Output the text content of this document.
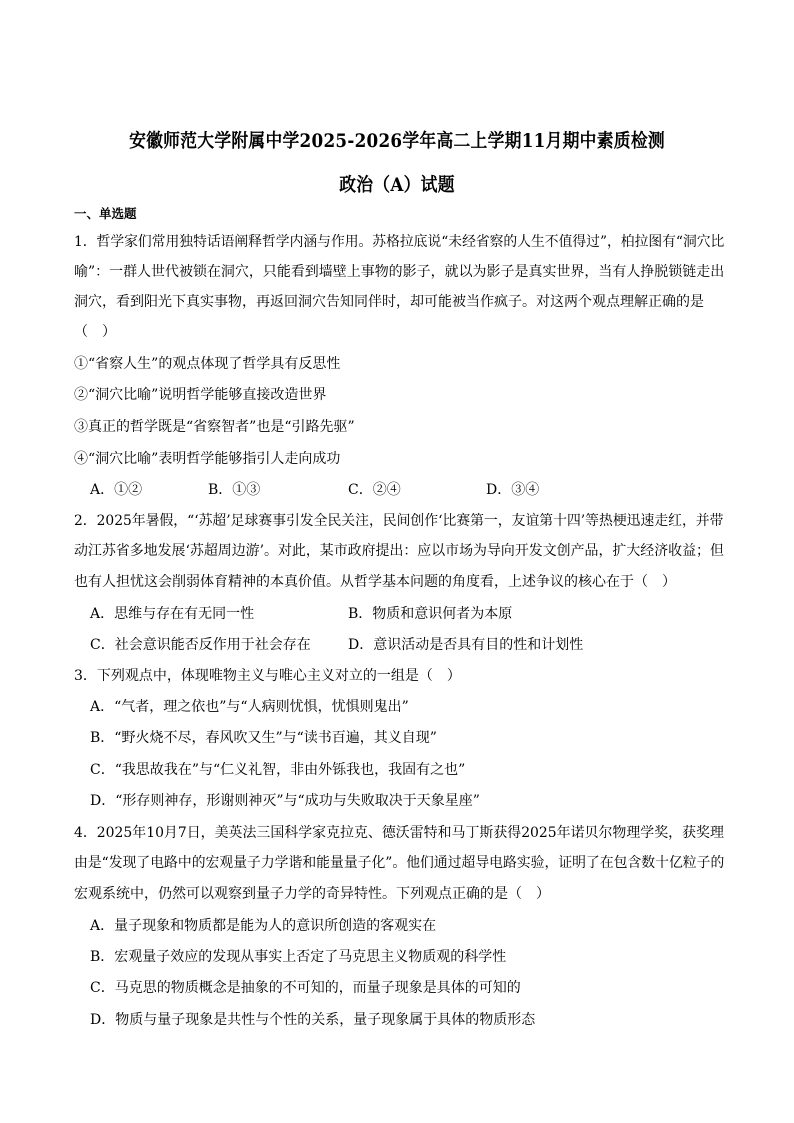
安徽师范大学附属中学2025-2026学年高二上学期11月期中素质检测
政治（A）试题
一、单选题
1．哲学家们常用独特话语阐释哲学内涵与作用。苏格拉底说“未经省察的人生不值得过”，柏拉图有“洞穴比
喻”：一群人世代被锁在洞穴，只能看到墙壁上事物的影子，就以为影子是真实世界，当有人挣脱锁链走出
洞穴，看到阳光下真实事物，再返回洞穴告知同伴时，却可能被当作疯子。对这两个观点理解正确的是
（　）
①“省察人生”的观点体现了哲学具有反思性
②“洞穴比喻”说明哲学能够直接改造世界
③真正的哲学既是“省察智者”也是“引路先驱”
④“洞穴比喻”表明哲学能够指引人走向成功
A．①②	B．①③	C．②④	D．③④
2．2025年暑假，“‘苏超’足球赛事引发全民关注，民间创作‘比赛第一，友谊第十四’等热梗迅速走红，并带
动江苏省多地发展‘苏超周边游’。对此，某市政府提出：应以市场为导向开发文创产品，扩大经济收益；但
也有人担忧这会削弱体育精神的本真价值。从哲学基本问题的角度看，上述争议的核心在于（　）
A．思维与存在有无同一性	B．物质和意识何者为本原
C．社会意识能否反作用于社会存在	D．意识活动是否具有目的性和计划性
3．下列观点中，体现唯物主义与唯心主义对立的一组是（　）
A．“气者，理之依也”与“人病则忧惧，忧惧则鬼出”
B．“野火烧不尽，春风吹又生”与“读书百遍，其义自现”
C．“我思故我在”与“仁义礼智，非由外铄我也，我固有之也”
D．“形存则神存，形谢则神灭”与“成功与失败取决于天象星座”
4．2025年10月7日，美英法三国科学家克拉克、德沃雷特和马丁斯获得2025年诺贝尔物理学奖，获奖理
由是“发现了电路中的宏观量子力学谐和能量量子化”。他们通过超导电路实验，证明了在包含数十亿粒子的
宏观系统中，仍然可以观察到量子力学的奇异特性。下列观点正确的是（　）
A．量子现象和物质都是能为人的意识所创造的客观实在
B．宏观量子效应的发现从事实上否定了马克思主义物质观的科学性
C．马克思的物质概念是抽象的不可知的，而量子现象是具体的可知的
D．物质与量子现象是共性与个性的关系，量子现象属于具体的物质形态
